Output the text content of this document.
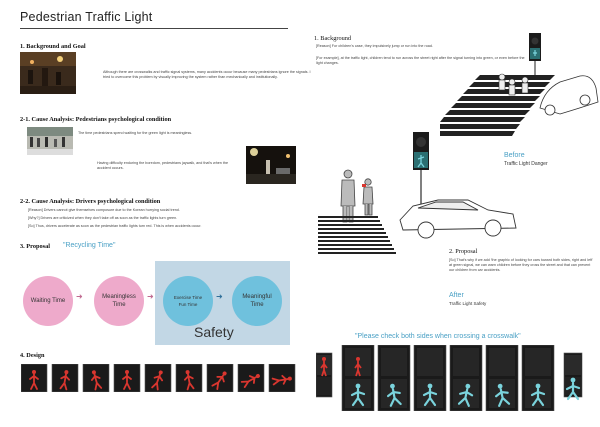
Pedestrian Traffic Light
1. Background and Goal
Although there are crosswalks and traffic signal systems, many accidents occur because many pedestrians ignore the signals. I tried to overcome this problem by visually improving the system rather than mechanically and institutionally.
2-1. Cause Analysis: Pedestrians psychological condition
The time pedestrians spend waiting for the green light is meaningless.
Having difficulty enduring the boredom, pedestrians jaywalk, and that's when the accident occurs.
2-2. Cause Analysis: Drivers psychological condition
[Reason] Drivers cannot give themselves composure due to the Korean hurrying social trend.
[Why?] Drivers are criticized when they don't take off as soon as the traffic lights turn green.
[So] Thus, drivers accelerate as soon as the pedestrian traffic lights turn red. This is when accidents occur.
3. Proposal "Recycling Time"
Waiting Time ➜	Meaningless
Time
➜	Exercise Time
Fun Time
➜	Meaningful
Time
Safety
4. Design
1. Background
[Reason] For children's case, they impulsively jump or run into the road.
[For example], at the traffic light, children tend to run across the street right after the signal turning into green, or even before the light changes.
Before
Traffic Light Danger
2. Proposal
[So] That's why if we add 'the graphic of looking for cars toward both sides, right and left' at green signal, we can warn children before they cross the street and that can prevent our children from car accidents.
After
Traffic Light Safety
"Please check both sides when crossing a crosswalk"
